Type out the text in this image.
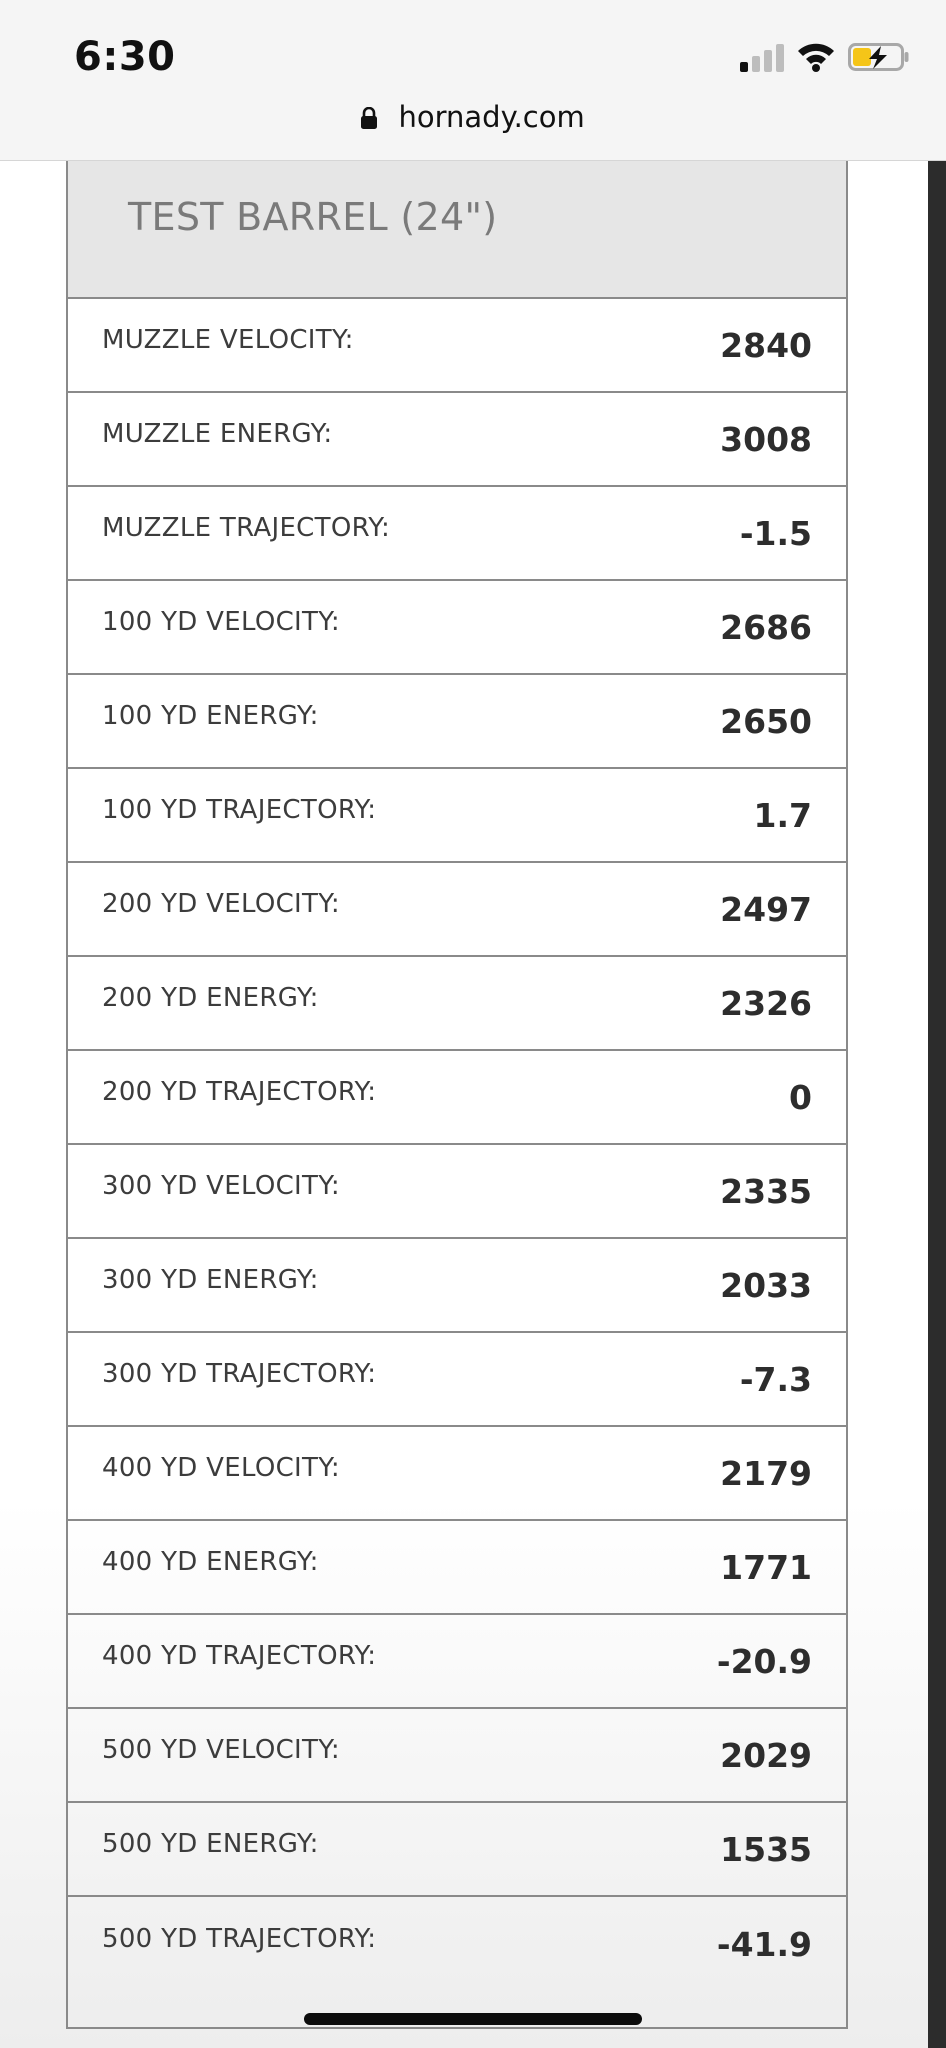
6:30
hornady.com
TEST BARREL (24")
MUZZLE VELOCITY:	2840
MUZZLE ENERGY:	3008
MUZZLE TRAJECTORY:	-1.5
100 YD VELOCITY:	2686
100 YD ENERGY:	2650
100 YD TRAJECTORY:	1.7
200 YD VELOCITY:	2497
200 YD ENERGY:	2326
200 YD TRAJECTORY:	0
300 YD VELOCITY:	2335
300 YD ENERGY:	2033
300 YD TRAJECTORY:	-7.3
400 YD VELOCITY:	2179
400 YD ENERGY:	1771
400 YD TRAJECTORY:	-20.9
500 YD VELOCITY:	2029
500 YD ENERGY:	1535
500 YD TRAJECTORY:	-41.9
